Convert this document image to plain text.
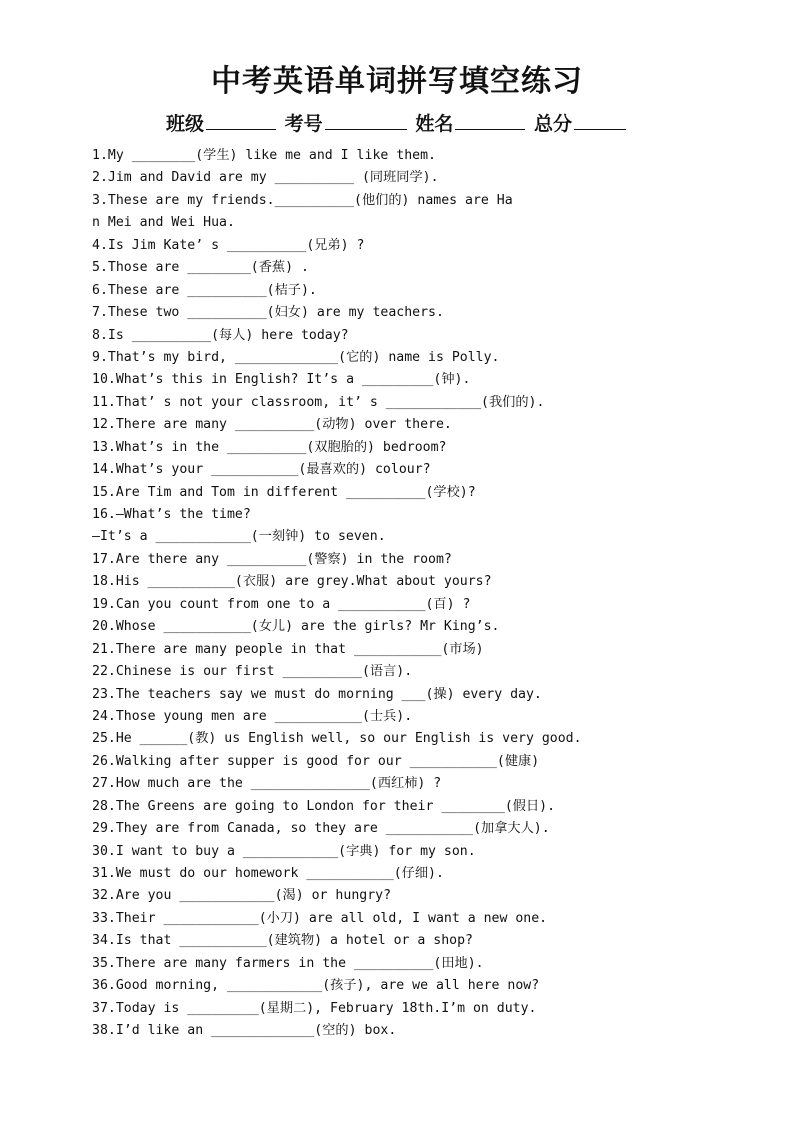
中考英语单词拼写填空练习
班级	考号	姓名	总分
1.My ________(学生) like me and I like them.
2.Jim and David are my __________ (同班同学).
3.These are my friends.__________(他们的) names are Ha
n Mei and Wei Hua.
4.Is Jim Kate’ s __________(兄弟) ?
5.Those are ________(香蕉) .
6.These are __________(桔子).
7.These two __________(妇女) are my teachers.
8.Is __________(每人) here today?
9.That’s my bird, _____________(它的) name is Polly.
10.What’s this in English? It’s a _________(钟).
11.That’ s not your classroom, it’ s ____________(我们的).
12.There are many __________(动物) over there.
13.What’s in the __________(双胞胎的) bedroom?
14.What’s your ___________(最喜欢的) colour?
15.Are Tim and Tom in different __________(学校)?
16.—What’s the time?
—It’s a ____________(一刻钟) to seven.
17.Are there any __________(警察) in the room?
18.His ___________(衣服) are grey.What about yours?
19.Can you count from one to a ___________(百) ?
20.Whose ___________(女儿) are the girls? Mr King’s.
21.There are many people in that ___________(市场)
22.Chinese is our first __________(语言).
23.The teachers say we must do morning ___(操) every day.
24.Those young men are ___________(士兵).
25.He ______(教) us English well, so our English is very good.
26.Walking after supper is good for our ___________(健康)
27.How much are the _______________(西红柿) ?
28.The Greens are going to London for their ________(假日).
29.They are from Canada, so they are ___________(加拿大人).
30.I want to buy a ____________(字典) for my son.
31.We must do our homework ___________(仔细).
32.Are you ____________(渴) or hungry?
33.Their ____________(小刀) are all old, I want a new one.
34.Is that ___________(建筑物) a hotel or a shop?
35.There are many farmers in the __________(田地).
36.Good morning, ____________(孩子), are we all here now?
37.Today is _________(星期二), February 18th.I’m on duty.
38.I’d like an _____________(空的) box.
